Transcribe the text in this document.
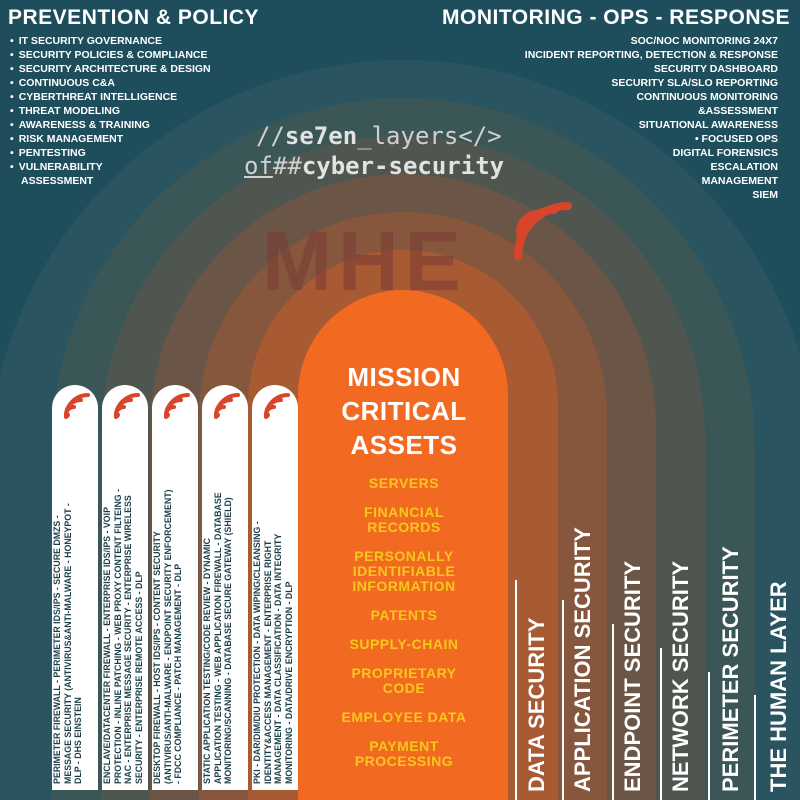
PREVENTION & POLICY
• IT SECURITY GOVERNANCE
• SECURITY POLICIES & COMPLIANCE
• SECURITY ARCHITECTURE & DESIGN
• CONTINUOUS C&A
• CYBERTHREAT INTELLIGENCE
• THREAT MODELING
• AWARENESS & TRAINING
• RISK MANAGEMENT
• PENTESTING
• VULNERABILITY
ASSESSMENT
MONITORING - OPS - RESPONSE
SOC/NOC MONITORING 24X7
INCIDENT REPORTING, DETECTION & RESPONSE
SECURITY DASHBOARD
SECURITY SLA/SLO REPORTING
CONTINUOUS MONITORING
&ASSESSMENT
SITUATIONAL AWARENESS
• FOCUSED OPS
DIGITAL FORENSICS
ESCALATION
MANAGEMENT
SIEM
//se7en_layers</>
of##cyber-security
MHE
PERIMETER FIREWALL - PERIMETER IDS/IPS - SECURE DMZS - MESSAGE SECURITY (ANTIVIRUS&ANTI-MALWARE - HONEYPOT - DLP - DHS EINSTEIN ENCLAVE/DATACENTER FIREWALL - ENTERPRISE IDS/IPS - VOIP PROTECTION - INLINE PATCHING - WEB PROXY CONTENT FILTEING - NAC - ENTERPRISE MESSAGE SECURITY - ENTERPRISE WIRELESS SECURITY - ENTERPRISE REMOTE ACCESS - DLP DESKTOP FIREWALL - HOST IDS/IPS - CONTENT SECURITY (ANTIVIRUS/ANTI-MALWARE - ENDPOINT SECURITY ENFORCEMENT) - FDCC COMPLIANCE - PATCH MANAGEMENT - DLP STATIC APPLICATION TESTING/CODE REVIEW - DYNAMIC APPLICATION TESTING - WEB APPLICATION FIREWALL - DATABASE MONITORING/SCANNING - DATABASE SECURE GATEWAY (SHIELD) PKI - DAR/DIM/DIU PROTECTION - DATA WIPING/CLEANSING - IDENTITY&ACCESS MANAGEMENT - ENTERPRISE RIGHT MANAGEMENT - DATA CLASSIFICATION - DATA INTEGRITY MONITORING - DATA/DRIVE ENCRYPTION - DLP
MISSION
CRITICAL
ASSETS
SERVERS
FINANCIAL
RECORDS
PERSONALLY
IDENTIFIABLE
INFORMATION
PATENTS
SUPPLY-CHAIN
PROPRIETARY
CODE
EMPLOYEE DATA
PAYMENT
PROCESSING
